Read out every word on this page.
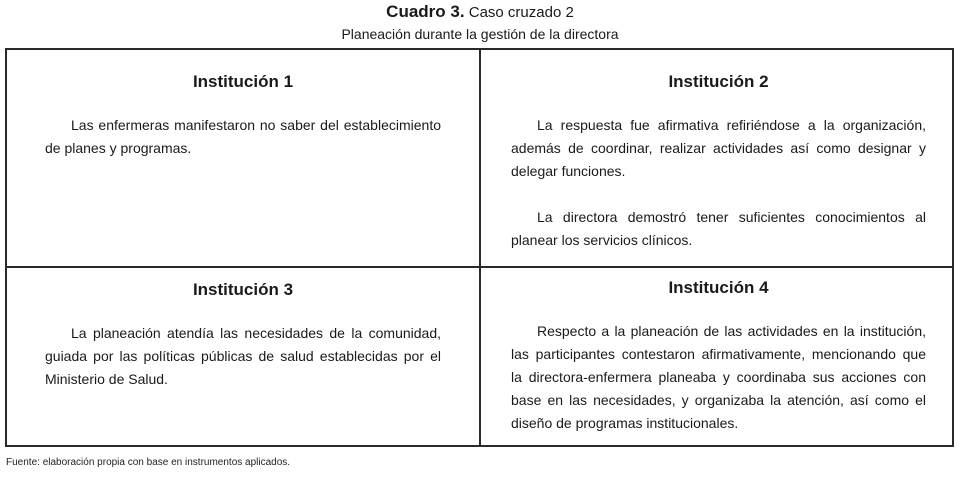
Cuadro 3. Caso cruzado 2
Planeación durante la gestión de la directora
Institución 1

Las enfermeras manifestaron no saber del establecimiento de planes y programas.

Institución 2

La respuesta fue afirmativa refiriéndose a la organización, además de coordinar, realizar actividades así como designar y delegar funciones.

La directora demostró tener suficientes conocimientos al planear los servicios clínicos.

Institución 3

La planeación atendía las necesidades de la comunidad, guiada por las políticas públicas de salud establecidas por el Ministerio de Salud.

Institución 4

Respecto a la planeación de las actividades en la institución, las participantes contestaron afirmativamente, mencionando que la directora-enfermera planeaba y coordinaba sus acciones con base en las necesidades, y organizaba la atención, así como el diseño de programas institucionales.

Fuente: elaboración propia con base en instrumentos aplicados.
